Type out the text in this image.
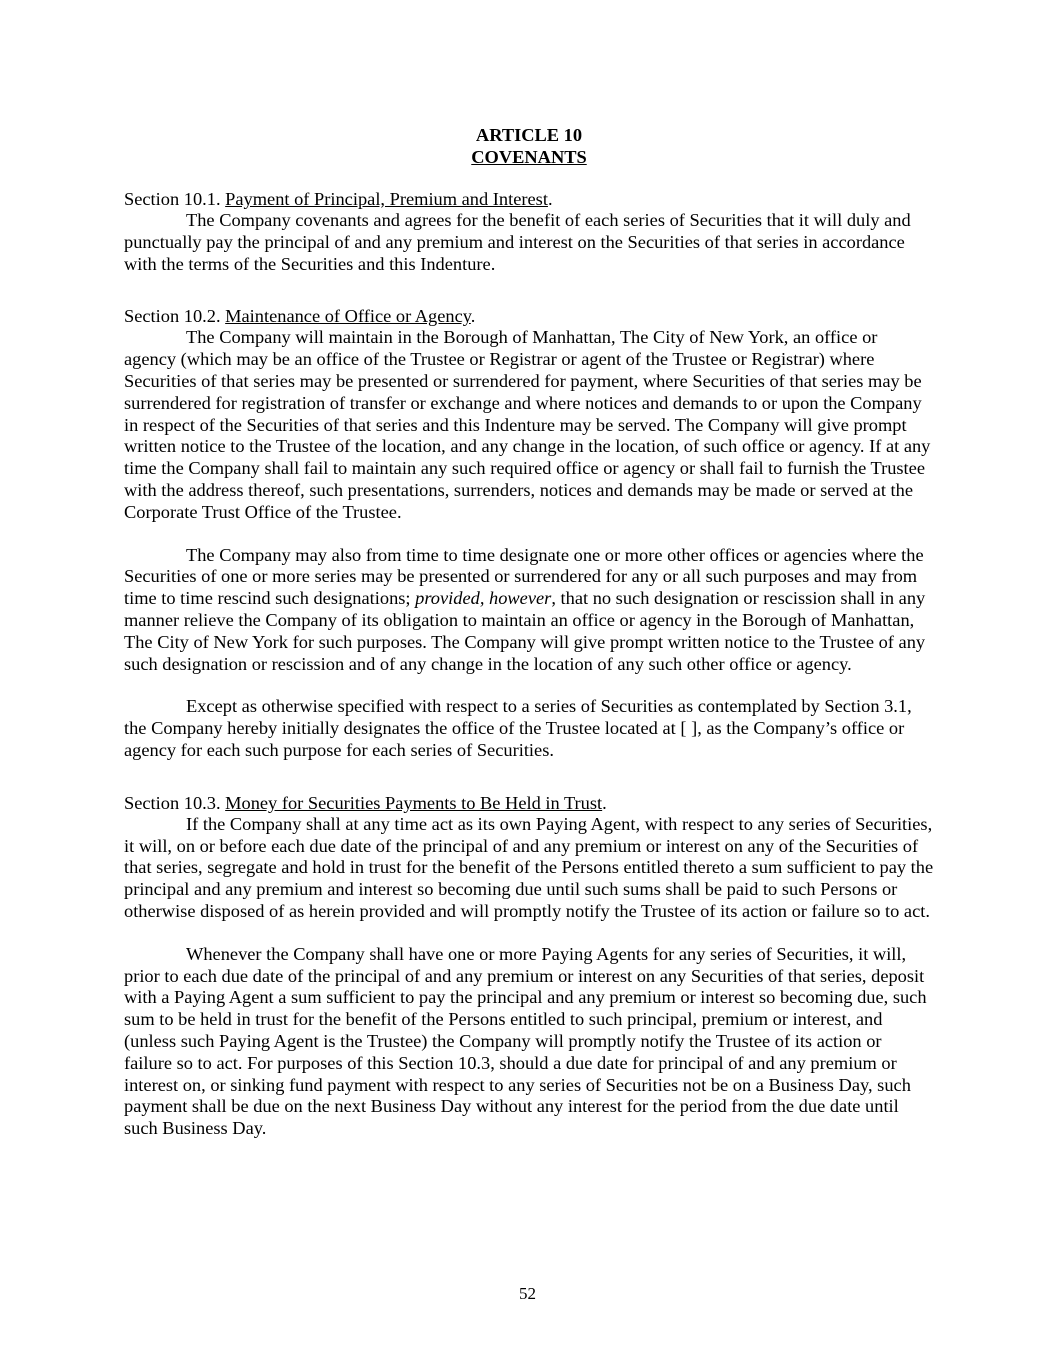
ARTICLE 10
COVENANTS
Section 10.1. Payment of Principal, Premium and Interest.

The Company covenants and agrees for the benefit of each series of Securities that it will duly and punctually pay the principal of and any premium and interest on the Securities of that series in accordance with the terms of the Securities and this Indenture.

Section 10.2. Maintenance of Office or Agency.

The Company will maintain in the Borough of Manhattan, The City of New York, an office or agency (which may be an office of the Trustee or Registrar or agent of the Trustee or Registrar) where Securities of that series may be presented or surrendered for payment, where Securities of that series may be surrendered for registration of transfer or exchange and where notices and demands to or upon the Company in respect of the Securities of that series and this Indenture may be served. The Company will give prompt written notice to the Trustee of the location, and any change in the location, of such office or agency. If at any time the Company shall fail to maintain any such required office or agency or shall fail to furnish the Trustee with the address thereof, such presentations, surrenders, notices and demands may be made or served at the Corporate Trust Office of the Trustee.

The Company may also from time to time designate one or more other offices or agencies where the Securities of one or more series may be presented or surrendered for any or all such purposes and may from time to time rescind such designations; provided, however, that no such designation or rescission shall in any manner relieve the Company of its obligation to maintain an office or agency in the Borough of Manhattan, The City of New York for such purposes. The Company will give prompt written notice to the Trustee of any such designation or rescission and of any change in the location of any such other office or agency.

Except as otherwise specified with respect to a series of Securities as contemplated by Section 3.1, the Company hereby initially designates the office of the Trustee located at [ ], as the Company’s office or agency for each such purpose for each series of Securities.

Section 10.3. Money for Securities Payments to Be Held in Trust.

If the Company shall at any time act as its own Paying Agent, with respect to any series of Securities, it will, on or before each due date of the principal of and any premium or interest on any of the Securities of that series, segregate and hold in trust for the benefit of the Persons entitled thereto a sum sufficient to pay the principal and any premium and interest so becoming due until such sums shall be paid to such Persons or otherwise disposed of as herein provided and will promptly notify the Trustee of its action or failure so to act.

Whenever the Company shall have one or more Paying Agents for any series of Securities, it will, prior to each due date of the principal of and any premium or interest on any Securities of that series, deposit with a Paying Agent a sum sufficient to pay the principal and any premium or interest so becoming due, such sum to be held in trust for the benefit of the Persons entitled to such principal, premium or interest, and (unless such Paying Agent is the Trustee) the Company will promptly notify the Trustee of its action or failure so to act. For purposes of this Section 10.3, should a due date for principal of and any premium or interest on, or sinking fund payment with respect to any series of Securities not be on a Business Day, such payment shall be due on the next Business Day without any interest for the period from the due date until such Business Day.

52
